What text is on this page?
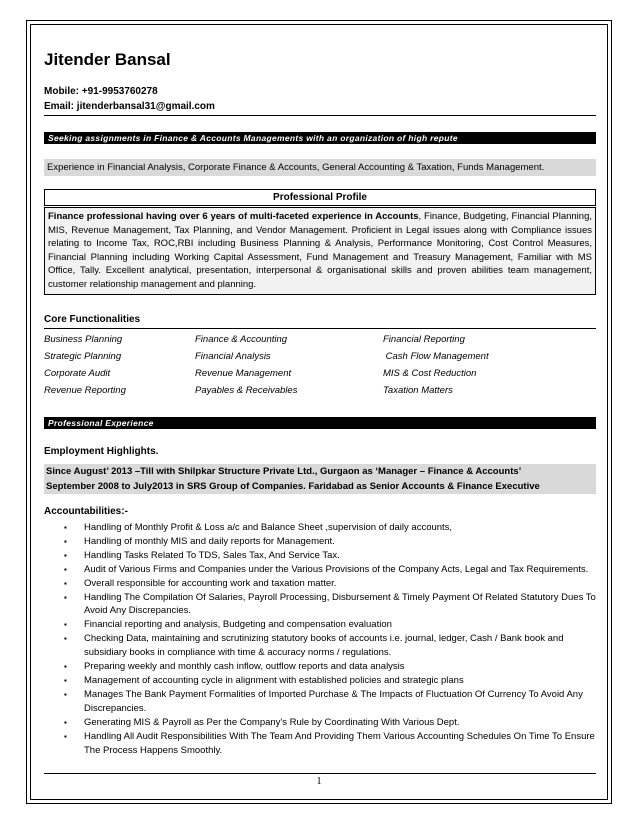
Jitender Bansal
Mobile: +91-9953760278
Email: jitenderbansal31@gmail.com
Seeking assignments in Finance & Accounts Managements with an organization of high repute
Experience in Financial Analysis, Corporate Finance & Accounts, General Accounting & Taxation, Funds Management.
Professional Profile
Finance professional having over 6 years of multi-faceted experience in Accounts, Finance, Budgeting, Financial Planning, MIS, Revenue Management, Tax Planning, and Vendor Management. Proficient in Legal issues along with Compliance issues relating to Income Tax, ROC,RBI including Business Planning & Analysis, Performance Monitoring, Cost Control Measures, Financial Planning including Working Capital Assessment, Fund Management and Treasury Management, Familiar with MS Office, Tally. Excellent analytical, presentation, interpersonal & organisational skills and proven abilities team management, customer relationship management and planning.
Core Functionalities
Business Planning
Strategic Planning
Corporate Audit
Revenue Reporting
Finance & Accounting
Financial Analysis
Revenue Management
Payables & Receivables
Financial Reporting
Cash Flow Management
MIS & Cost Reduction
Taxation Matters
Professional Experience
Employment Highlights.
Since August’ 2013 –Till with Shilpkar Structure Private Ltd., Gurgaon as ‘Manager – Finance & Accounts’
September 2008 to July2013 in SRS Group of Companies. Faridabad as Senior Accounts & Finance Executive
Accountabilities:-
▪ Handling of Monthly Profit & Loss a/c and Balance Sheet ,supervision of daily accounts,
▪ Handling of monthly MIS and daily reports for Management.
▪ Handling Tasks Related To TDS, Sales Tax, And Service Tax.
▪ Audit of Various Firms and Companies under the Various Provisions of the Company Acts, Legal and Tax Requirements.
▪ Overall responsible for accounting work and taxation matter.
▪ Handling The Compilation Of Salaries, Payroll Processing, Disbursement & Timely Payment Of Related Statutory Dues To Avoid Any Discrepancies.
▪ Financial reporting and analysis, Budgeting and compensation evaluation
▪ Checking Data, maintaining and scrutinizing statutory books of accounts i.e. journal, ledger, Cash / Bank book and subsidiary books in compliance with time & accuracy norms / regulations.
▪ Preparing weekly and monthly cash inflow, outflow reports and data analysis
▪ Management of accounting cycle in alignment with established policies and strategic plans
▪ Manages The Bank Payment Formalities of Imported Purchase & The Impacts of Fluctuation Of Currency To Avoid Any Discrepancies.
▪ Generating MIS & Payroll as Per the Company's Rule by Coordinating With Various Dept.
▪ Handling All Audit Responsibilities With The Team And Providing Them Various Accounting Schedules On Time To Ensure The Process Happens Smoothly.
1
